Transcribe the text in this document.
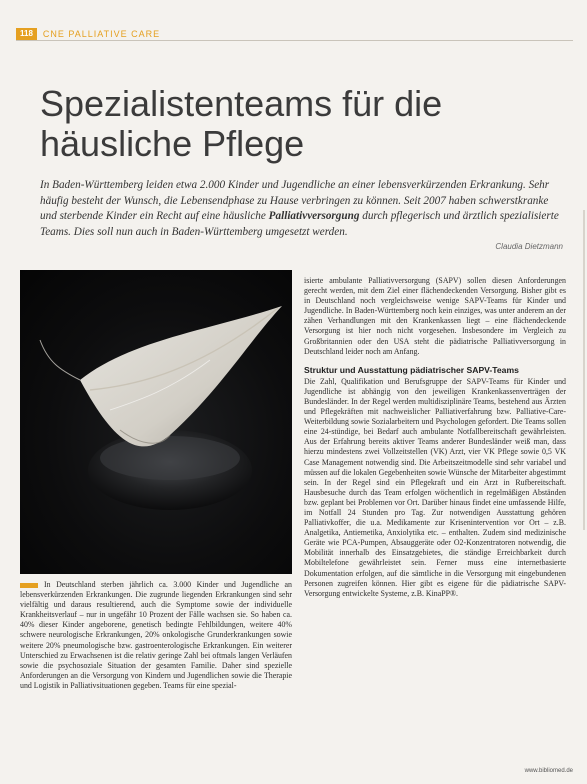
118	CNE PALLIATIVE CARE
Spezialistenteams für die häusliche Pflege

In Baden-Württemberg leiden etwa 2.000 Kinder und Jugendliche an einer lebensverkürzenden Erkrankung. Sehr häufig besteht der Wunsch, die Lebensendphase zu Hause verbringen zu können. Seit 2007 haben schwerstkranke und sterbende Kinder ein Recht auf eine häusliche Palliativversorgung durch pflegerisch und ärztlich spezialisierte Teams. Dies soll nun auch in Baden-Württemberg umgesetzt werden.

Claudia Dietzmann
In Deutschland sterben jährlich ca. 3.000 Kinder und Jugendliche an lebensverkürzenden Erkrankungen. Die zugrunde liegenden Erkrankungen sind sehr vielfältig und daraus resultierend, auch die Symptome sowie der individuelle Krankheitsverlauf – nur in ungefähr 10 Prozent der Fälle wachsen sie. So haben ca. 40% dieser Kinder angeborene, genetisch bedingte Fehlbildungen, weitere 40% schwere neurologische Erkrankungen, 20% onkologische Grunderkrankungen sowie weitere 20% pneumologische bzw. gastroenterologische Erkrankungen. Ein weiterer Unterschied zu Erwachsenen ist die relativ geringe Zahl bei oftmals langen Verläufen sowie die psychosoziale Situation der gesamten Familie. Daher sind spezielle Anforderungen an die Versorgung von Kindern und Jugendlichen sowie die Therapie und Logistik in Palliativsituationen gegeben. Teams für eine spezial-

isierte ambulante Palliativversorgung (SAPV) sollen diesen Anforderungen gerecht werden, mit dem Ziel einer flächendeckenden Versorgung. Bisher gibt es in Deutschland noch vergleichsweise wenige SAPV-Teams für Kinder und Jugendliche. In Baden-Württemberg noch kein einziges, was unter anderem an der zähen Verhandlungen mit den Krankenkassen liegt – eine flächendeckende Versorgung ist hier noch nicht vorgesehen. Insbesondere im Vergleich zu Großbritannien oder den USA steht die pädiatrische Palliativversorgung in Deutschland leider noch am Anfang.

Struktur und Ausstattung pädiatrischer SAPV-Teams

Die Zahl, Qualifikation und Berufsgruppe der SAPV-Teams für Kinder und Jugendliche ist abhängig von den jeweiligen Krankenkassenverträgen der Bundesländer. In der Regel werden multidisziplinäre Teams, bestehend aus Ärzten und Pflegekräften mit nachweislicher Palliativerfahrung bzw. Palliative-Care-Weiterbildung sowie Sozialarbeitern und Psychologen gefordert. Die Teams sollen eine 24-stündige, bei Bedarf auch ambulante Notfallbereitschaft gewährleisten. Aus der Erfahrung bereits aktiver Teams anderer Bundesländer weiß man, dass hierzu mindestens zwei Vollzeitstellen (VK) Arzt, vier VK Pflege sowie 0,5 VK Case Management notwendig sind. Die Arbeitszeitmodelle sind sehr variabel und müssen auf die lokalen Gegebenheiten sowie Wünsche der Mitarbeiter abgestimmt sein. In der Regel sind ein Pflegekraft und ein Arzt in Rufbereitschaft. Hausbesuche durch das Team erfolgen wöchentlich in regelmäßigen Abständen bzw. geplant bei Problemen vor Ort. Darüber hinaus findet eine umfassende Hilfe, im Notfall 24 Stunden pro Tag. Zur notwendigen Ausstattung gehören Palliativkoffer, die u.a. Medikamente zur Krisenintervention vor Ort – z.B. Analgetika, Antiemetika, Anxiolytika etc. – enthalten. Zudem sind medizinische Geräte wie PCA-Pumpen, Absauggeräte oder O2-Konzentratoren notwendig, die Mobilität innerhalb des Einsatzgebietes, die ständige Erreichbarkeit durch Mobiltelefone gewährleistet sein. Ferner muss eine internetbasierte Dokumentation erfolgen, auf die sämtliche in die Versorgung mit eingebundenen Personen zugreifen können. Hier gibt es eigene für die pädiatrische SAPV-Versorgung entwickelte Systeme, z.B. KinaPP®.

www.bibliomed.de
